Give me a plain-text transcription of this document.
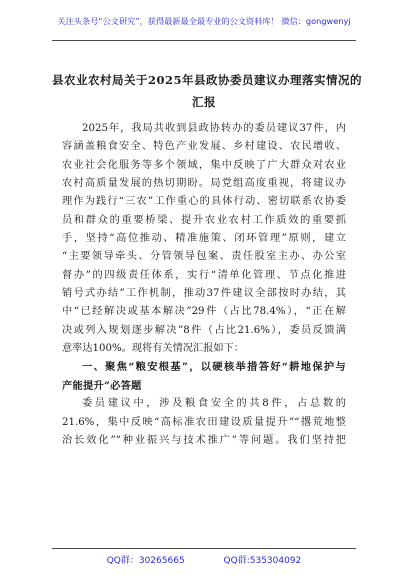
关注头条号“公文研究”，获得最新最全最专业的公文资料库！ 微信：gongwenyj
县农业农村局关于2025年县政协委员建议办理落实情况的
汇报
2025年，我局共收到县政协转办的委员建议37件，内
容涵盖粮食安全、特色产业发展、乡村建设、农民增收、
农业社会化服务等多个领域，集中反映了广大群众对农业
农村高质量发展的热切期盼。局党组高度重视，将建议办
理作为践行“三农”工作重心的具体行动、密切联系农协委
员和群众的重要桥梁、提升农业农村工作质效的重要抓
手，坚持“高位推动、精准施策、闭环管理”原则，建立
“主要领导牵头、分管领导包案、责任股室主办、办公室
督办”的四级责任体系，实行“清单化管理、节点化推进
销号式办结”工作机制，推动37件建议全部按时办结，其
中“已经解决或基本解决”29件（占比78.4%），“正在解
决或列入规划逐步解决”8件（占比21.6%），委员反馈满
意率达100%。现将有关情况汇报如下：
一、聚焦“粮安根基”，以硬核举措答好“耕地保护与
产能提升”必答题
委员建议中，涉及粮食安全的共8件，占总数的
21.6%，集中反映“高标准农田建设质量提升”“撂荒地整
治长效化”“种业振兴与技术推广”等问题。我们坚持把
QQ群：30265665	QQ群:535304092
